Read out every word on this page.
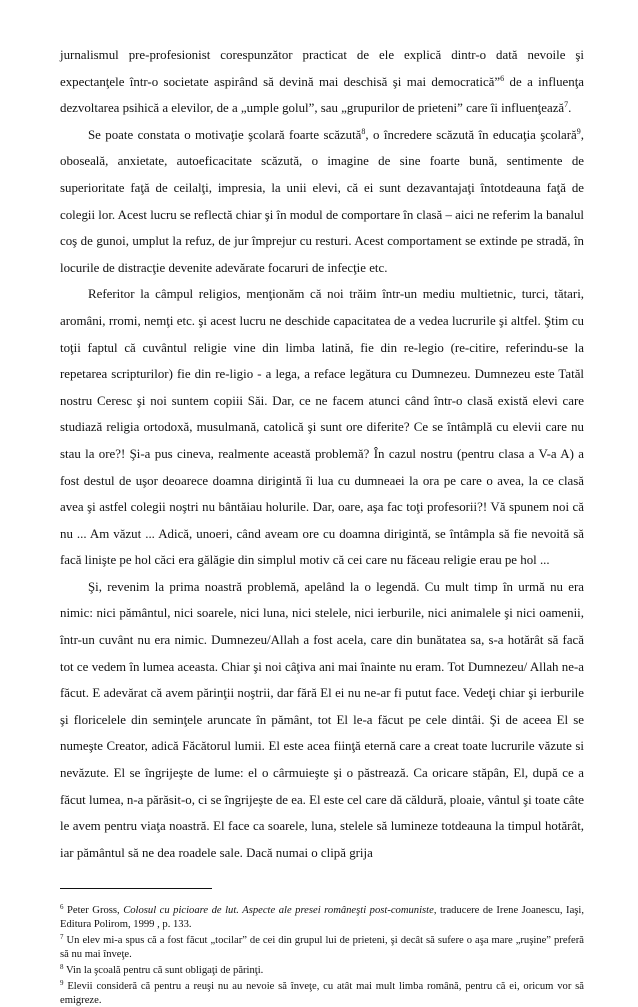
jurnalismul pre-profesionist corespunzător practicat de ele explică dintr-o dată nevoile şi expectanţele într-o societate aspirând să devină mai deschisă şi mai democratică”$^6$ de a influenţa dezvoltarea psihică a elevilor, de a „umple golul”, sau „grupurilor de prieteni” care îi influenţează$^7$.

Se poate constata o motivaţie şcolară foarte scăzută$^8$, o încredere scăzută în educaţia şcolară$^9$, oboseală, anxietate, autoeficacitate scăzută, o imagine de sine foarte bună, sentimente de superioritate faţă de ceilalţi, impresia, la unii elevi, că ei sunt dezavantajaţi întotdeauna faţă de colegii lor. Acest lucru se reflectă chiar şi în modul de comportare în clasă – aici ne referim la banalul coş de gunoi, umplut la refuz, de jur împrejur cu resturi. Acest comportament se extinde pe stradă, în locurile de distracţie devenite adevărate focaruri de infecţie etc.

Referitor la câmpul religios, menţionăm că noi trăim într-un mediu multietnic, turci, tătari, aromâni, rromi, nemţi etc. şi acest lucru ne deschide capacitatea de a vedea lucrurile şi altfel. Ştim cu toţii faptul că cuvântul religie vine din limba latină, fie din re-legio (re-citire, referindu-se la repetarea scripturilor) fie din re-ligio - a lega, a reface legătura cu Dumnezeu. Dumnezeu este Tatăl nostru Ceresc şi noi suntem copiii Săi. Dar, ce ne facem atunci când într-o clasă există elevi care studiază religia ortodoxă, musulmană, catolică şi sunt ore diferite? Ce se întâmplă cu elevii care nu stau la ore?! Şi-a pus cineva, realmente această problemă? În cazul nostru (pentru clasa a V-a A) a fost destul de uşor deoarece doamna dirigintă îi lua cu dumneaei la ora pe care o avea, la ce clasă avea şi astfel colegii noştri nu bântăiau holurile. Dar, oare, aşa fac toţi profesorii?! Vă spunem noi că nu ... Am văzut ... Adică, unoeri, când aveam ore cu doamna dirigintă, se întâmpla să fie nevoită să facă linişte pe hol căci era gălăgie din simplul motiv că cei care nu făceau religie erau pe hol ...

Şi, revenim la prima noastră problemă, apelând la o legendă. Cu mult timp în urmă nu era nimic: nici pământul, nici soarele, nici luna, nici stelele, nici ierburile, nici animalele şi nici oamenii, într-un cuvânt nu era nimic. Dumnezeu/Allah a fost acela, care din bunătatea sa, s-a hotărât să facă tot ce vedem în lumea aceasta. Chiar şi noi câţiva ani mai înainte nu eram. Tot Dumnezeu/ Allah ne-a făcut. E adevărat că avem părinţii noştrii, dar fără El ei nu ne-ar fi putut face. Vedeţi chiar şi ierburile şi floricelele din seminţele aruncate în pământ, tot El le-a făcut pe cele dintâi. Şi de aceea El se numeşte Creator, adică Făcătorul lumii. El este acea fiinţă eternă care a creat toate lucrurile văzute si nevăzute. El se îngrijeşte de lume: el o cârmuieşte şi o păstrează. Ca oricare stăpân, El, după ce a făcut lumea, n-a părăsit-o, ci se îngrijeşte de ea. El este cel care dă căldură, ploaie, vântul şi toate câte le avem pentru viaţa noastră. El face ca soarele, luna, stelele să lumineze totdeauna la timpul hotărât, iar pământul să ne dea roadele sale. Dacă numai o clipă grija

$^6$ Peter Gross, Colosul cu picioare de lut. Aspecte ale presei româneşti post-comuniste, traducere de Irene Joanescu, Iaşi, Editura Polirom, 1999 , p. 133.

$^7$ Un elev mi-a spus că a fost făcut „tocilar” de cei din grupul lui de prieteni, şi decât să sufere o aşa mare „ruşine” preferă să nu mai înveţe.

$^8$ Vin la şcoală pentru că sunt obligaţi de părinţi.

$^9$ Elevii consideră că pentru a reuşi nu au nevoie să înveţe, cu atât mai mult limba română, pentru că ei, oricum vor să emigreze.
